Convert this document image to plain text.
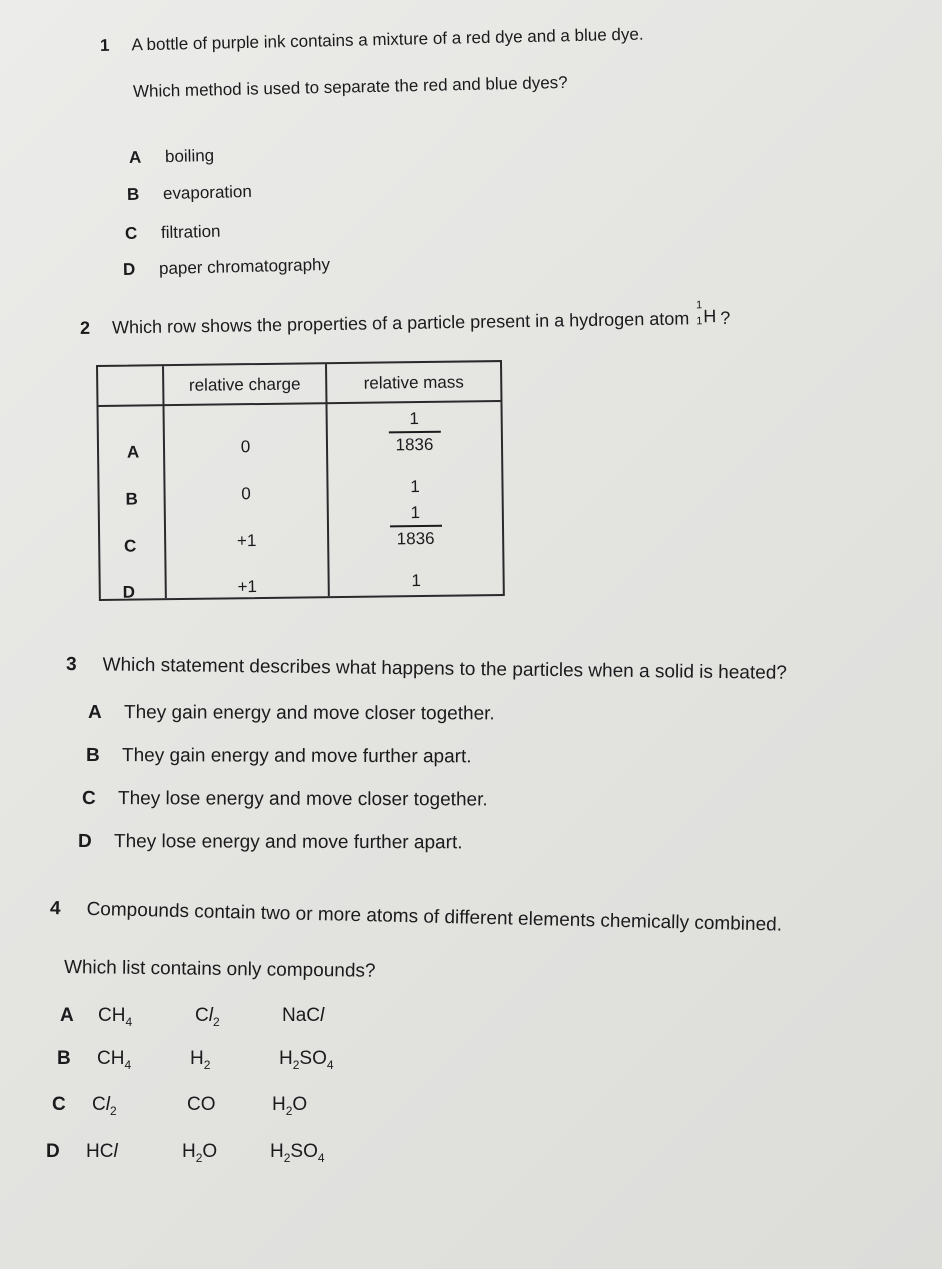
1 A bottle of purple ink contains a mixture of a red dye and a blue dye.
Which method is used to separate the red and blue dyes?
A boiling
B evaporation
C filtration
D paper chromatography
2 Which row shows the properties of a particle present in a hydrogen atom
1
1 H ?
relative charge	relative mass
A	0	$\frac{1}{1836}$
B	0	1
C	+1	$\frac{1}{1836}$
D	+1	1
3 Which statement describes what happens to the particles when a solid is heated?
A They gain energy and move closer together.
B They gain energy and move further apart.
C They lose energy and move closer together.
D They lose energy and move further apart.
4 Compounds contain two or more atoms of different elements chemically combined.
Which list contains only compounds?
A $CH_4$	$Cl_2$	NaCl
B $CH_4$	$H_2$	$H_2SO_4$
C $Cl_2$	CO	$H_2O$
D HCl	$H_2O$	$H_2SO_4$
